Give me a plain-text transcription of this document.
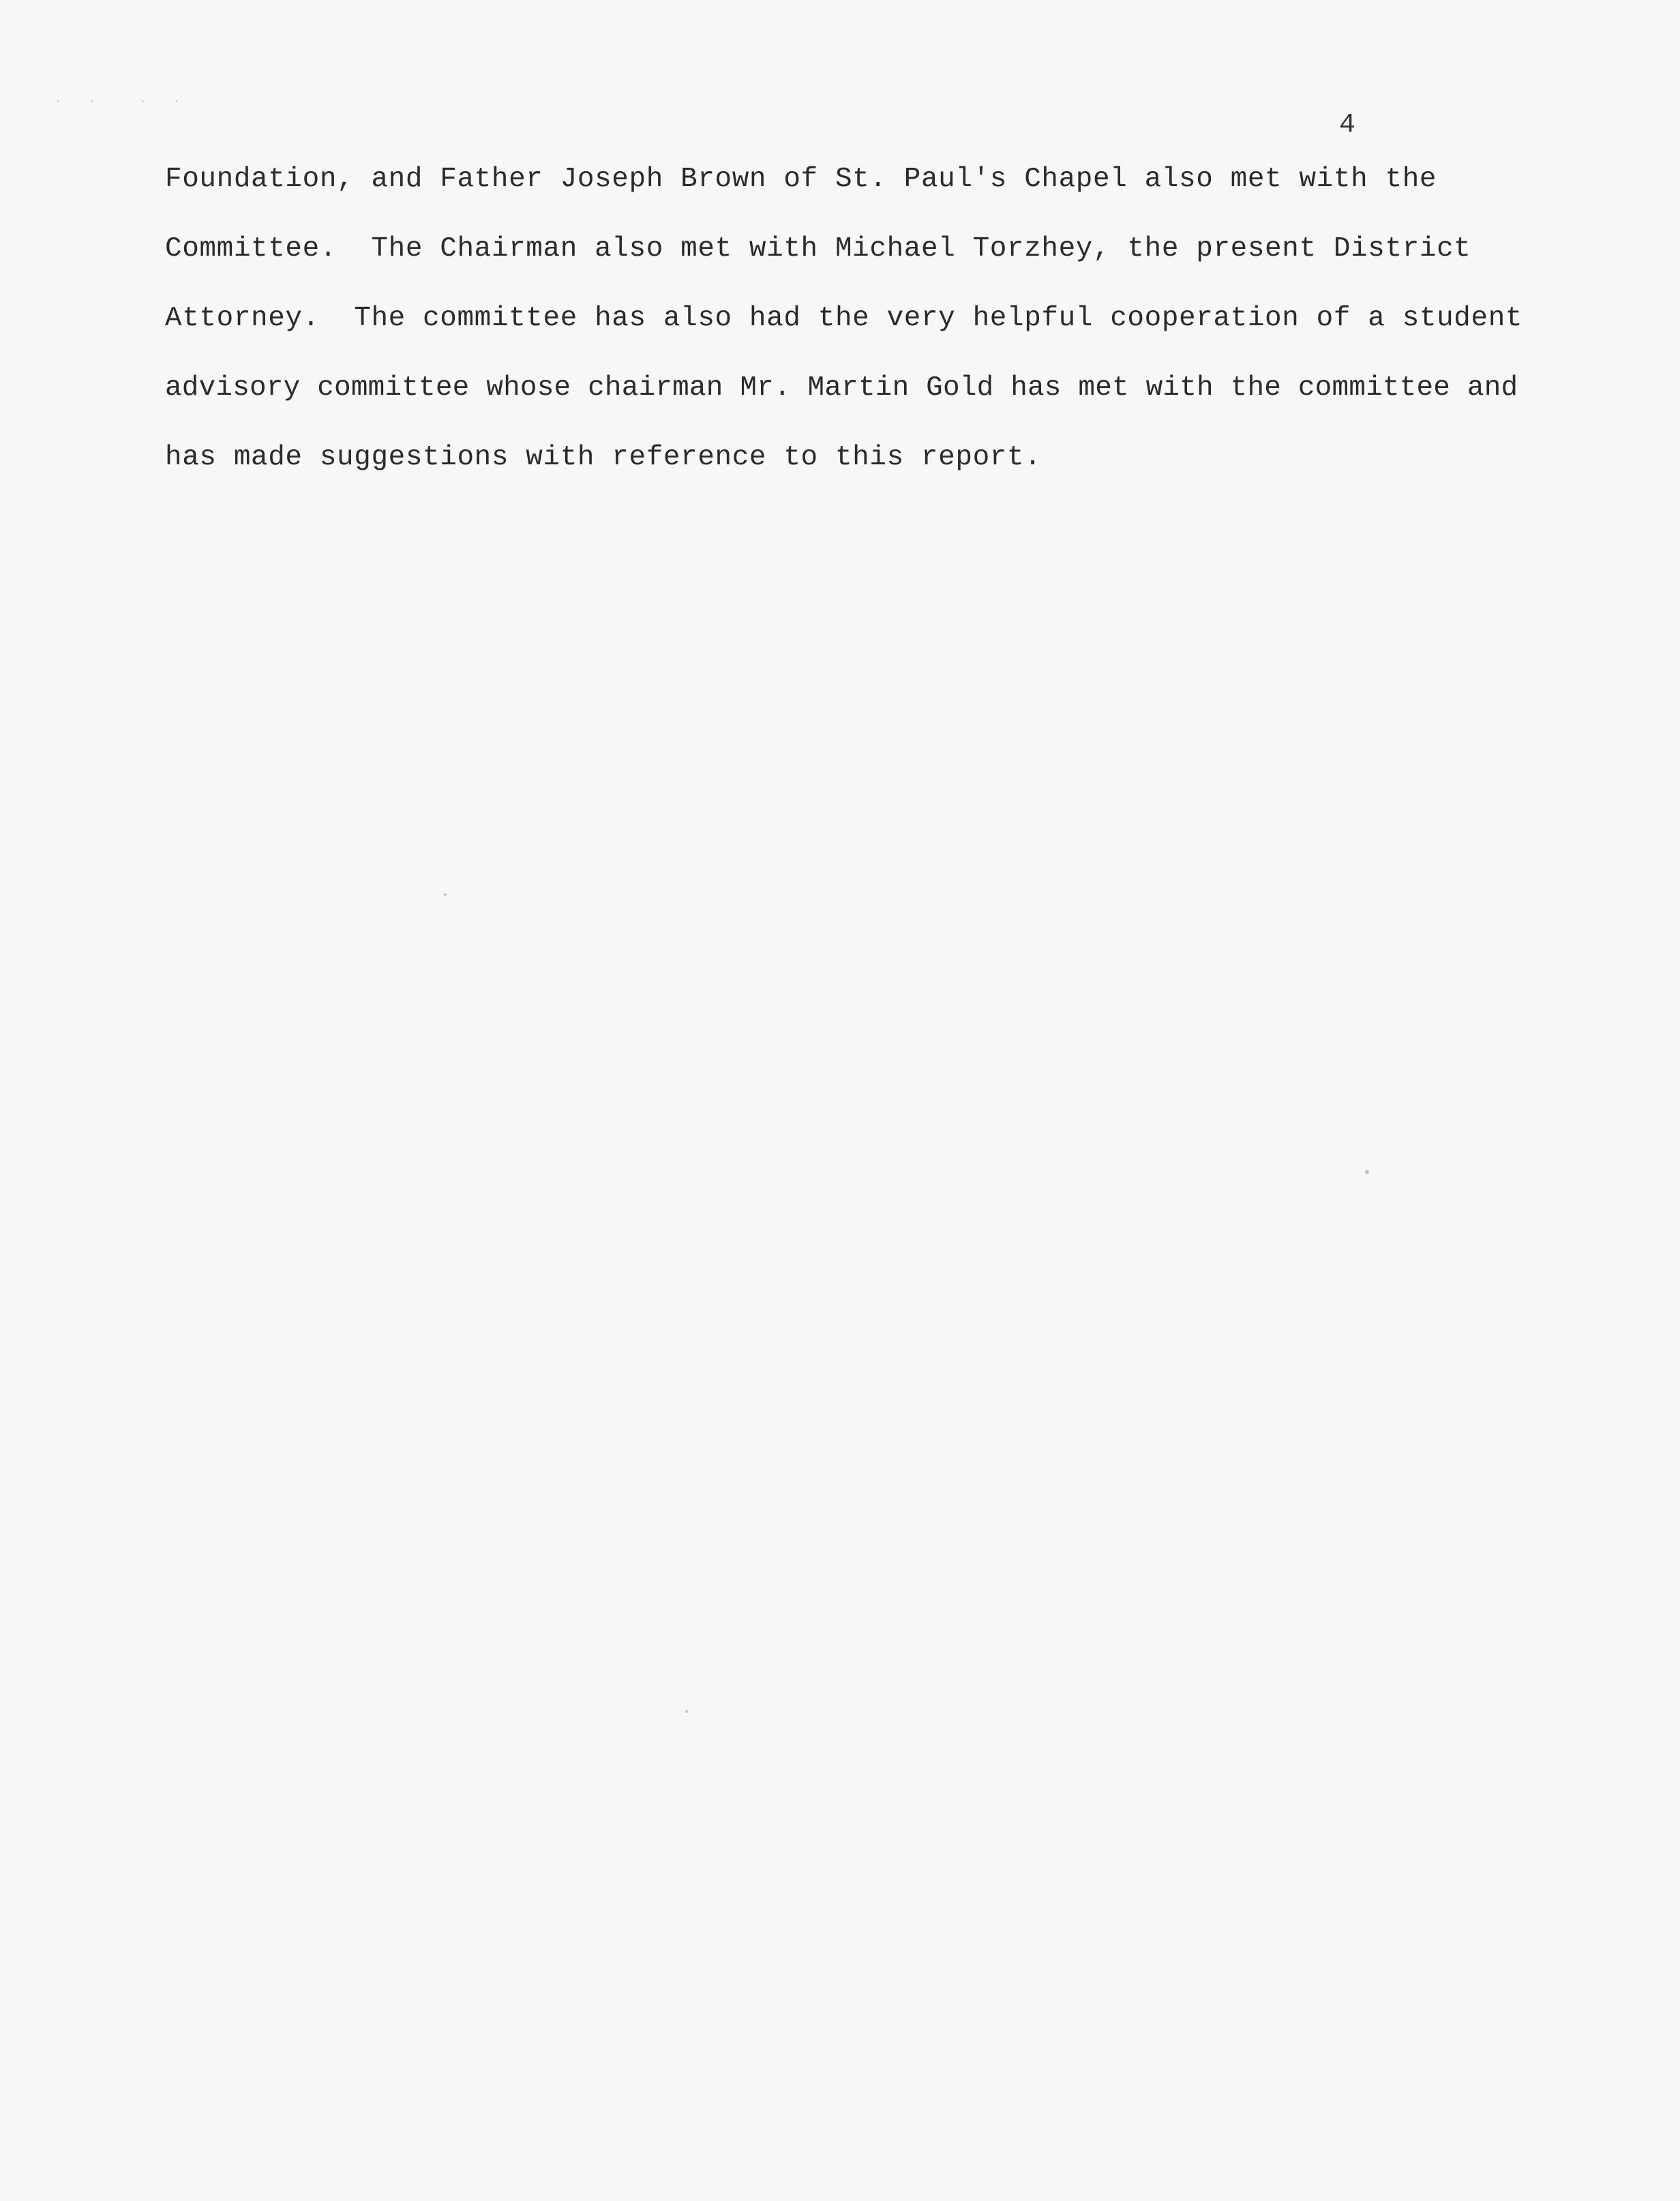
· ·  · ·
4
Foundation, and Father Joseph Brown of St. Paul's Chapel also met with the
Committee.  The Chairman also met with Michael Torzhey, the present District
Attorney.  The committee has also had the very helpful cooperation of a student
advisory committee whose chairman Mr. Martin Gold has met with the committee and
has made suggestions with reference to this report.
